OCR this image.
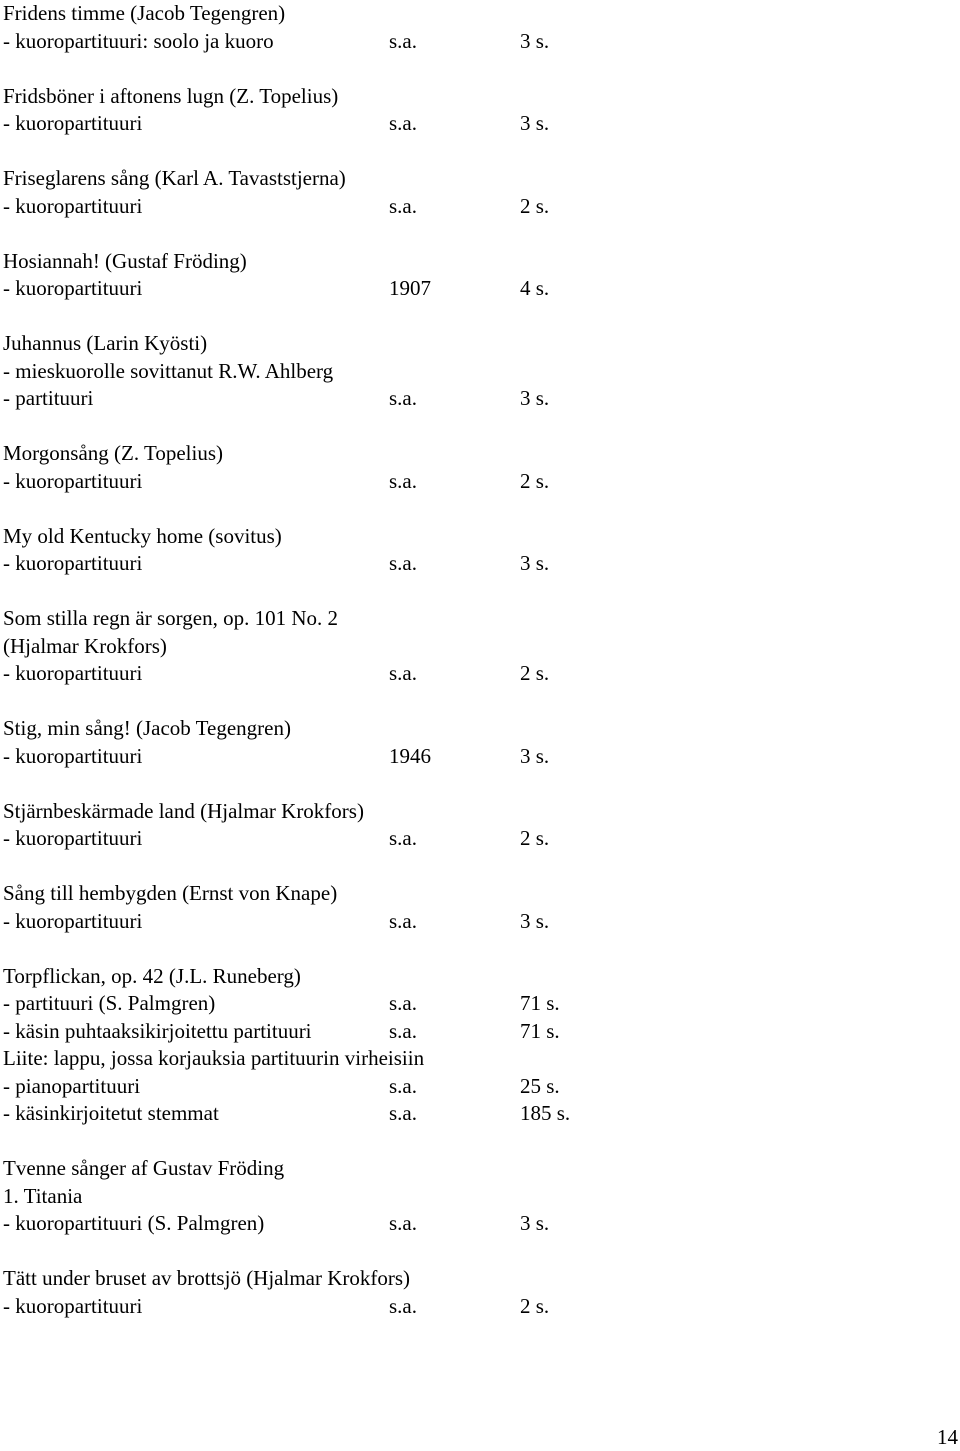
Fridens timme (Jacob Tegengren)
- kuoropartituuri: soolo ja kuoro	s.a.	3 s.
Fridsböner i aftonens lugn (Z. Topelius)
- kuoropartituuri	s.a.	3 s.
Friseglarens sång (Karl A. Tavaststjerna)
- kuoropartituuri	s.a.	2 s.
Hosiannah! (Gustaf Fröding)
- kuoropartituuri	1907	4 s.
Juhannus (Larin Kyösti)
- mieskuorolle sovittanut R.W. Ahlberg
- partituuri	s.a.	3 s.
Morgonsång (Z. Topelius)
- kuoropartituuri	s.a.	2 s.
My old Kentucky home (sovitus)
- kuoropartituuri	s.a.	3 s.
Som stilla regn är sorgen, op. 101 No. 2
(Hjalmar Krokfors)
- kuoropartituuri	s.a.	2 s.
Stig, min sång! (Jacob Tegengren)
- kuoropartituuri	1946	3 s.
Stjärnbeskärmade land (Hjalmar Krokfors)
- kuoropartituuri	s.a.	2 s.
Sång till hembygden (Ernst von Knape)
- kuoropartituuri	s.a.	3 s.
Torpflickan, op. 42 (J.L. Runeberg)
- partituuri (S. Palmgren)	s.a.	71 s.
- käsin puhtaaksikirjoitettu partituuri	s.a.	71 s.
Liite: lappu, jossa korjauksia partituurin virheisiin
- pianopartituuri	s.a.	25 s.
- käsinkirjoitetut stemmat	s.a.	185 s.
Tvenne sånger af Gustav Fröding
1. Titania
- kuoropartituuri (S. Palmgren)	s.a.	3 s.
Tätt under bruset av brottsjö (Hjalmar Krokfors)
- kuoropartituuri	s.a.	2 s.
14
